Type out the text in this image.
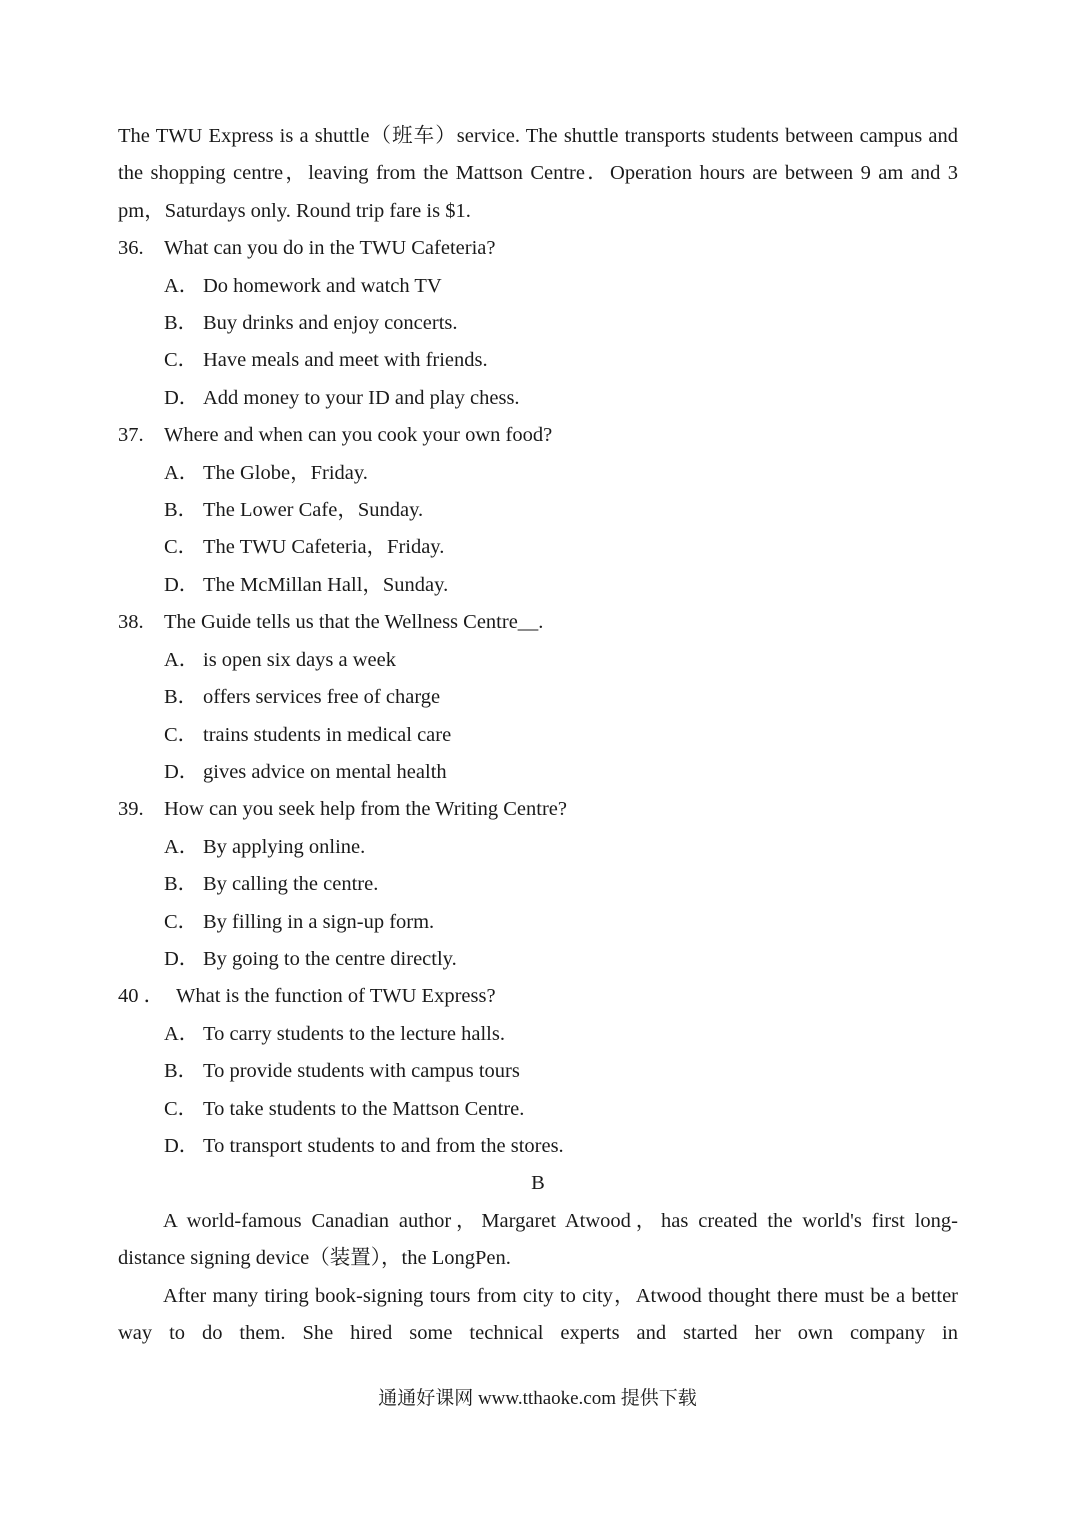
The TWU Express is a shuttle（班车）service. The shuttle transports students between campus and the shopping centre，leaving from the Mattson Centre．Operation hours are between 9 am and 3 pm，Saturdays only. Round trip fare is $1.

36. What can you do in the TWU Cafeteria?

A． Do homework and watch TV

B． Buy drinks and enjoy concerts.

C． Have meals and meet with friends.

D． Add money to your ID and play chess.

37. Where and when can you cook your own food?

A． The Globe，Friday.

B． The Lower Cafe，Sunday.

C． The TWU Cafeteria，Friday.

D． The McMillan Hall，Sunday.

38. The Guide tells us that the Wellness Centre__.

A． is open six days a week

B． offers services free of charge

C． trains students in medical care

D． gives advice on mental health

39. How can you seek help from the Writing Centre?

A． By applying online.

B． By calling the centre.

C． By filling in a sign-up form.

D． By going to the centre directly.

40 ． What is the function of TWU Express?

A． To carry students to the lecture halls.

B． To provide students with campus tours

C． To take students to the Mattson Centre.

D． To transport students to and from the stores.

B

A world-famous Canadian author，Margaret Atwood，has created the world's first long-distance signing device（装置），the LongPen.

After many tiring book-signing tours from city to city，Atwood thought there must be a better way to do them. She hired some technical experts and started her own company in

通通好课网 www.tthaoke.com 提供下载
